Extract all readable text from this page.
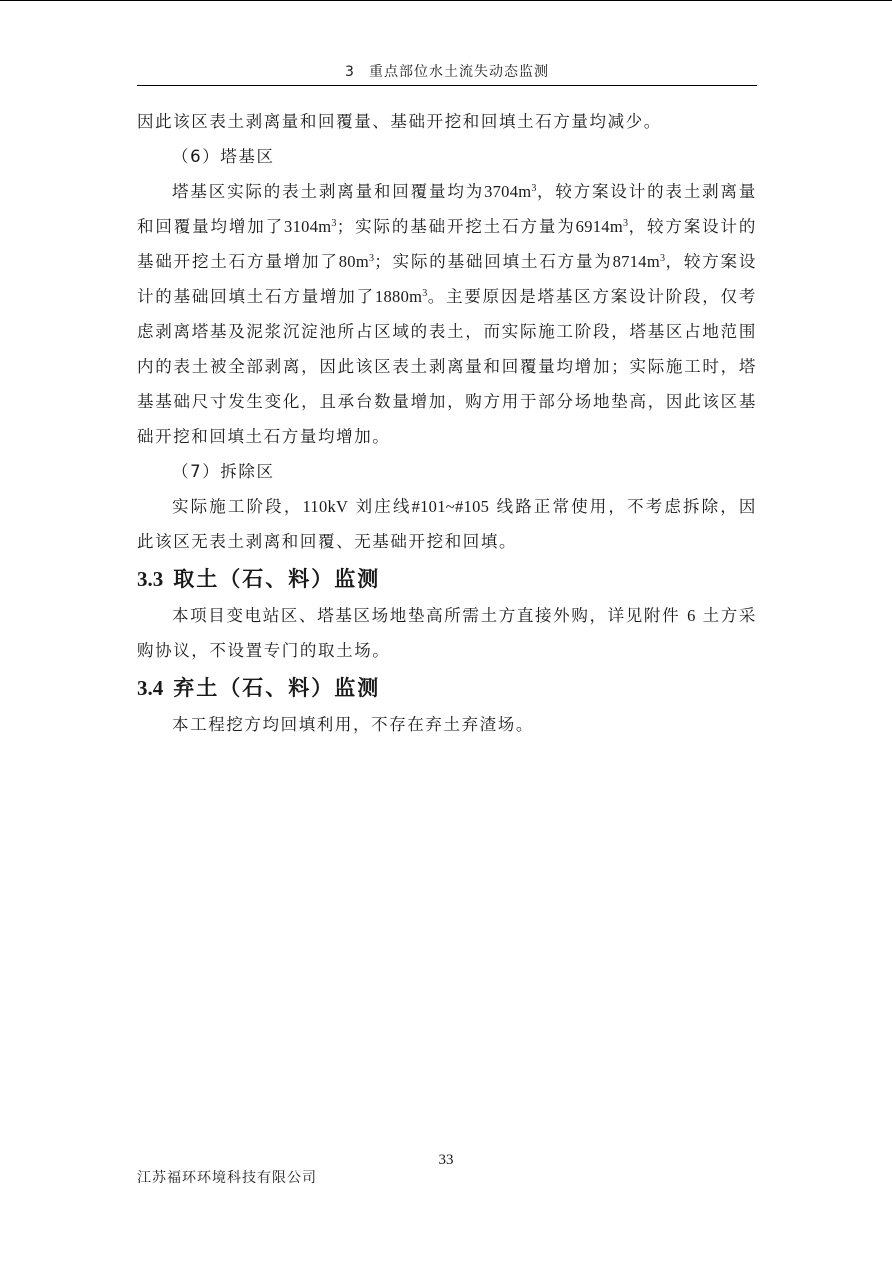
3 重点部位水土流失动态监测

因此该区表土剥离量和回覆量、基础开挖和回填土石方量均减少。

（6）塔基区

塔基区实际的表土剥离量和回覆量均为$3704m^3$，较方案设计的表土剥离量和回覆量均增加了$3104m^3$；实际的基础开挖土石方量为$6914m^3$，较方案设计的基础开挖土石方量增加了$80m^3$；实际的基础回填土石方量为$8714m^3$，较方案设计的基础回填土石方量增加了$1880m^3$。主要原因是塔基区方案设计阶段，仅考虑剥离塔基及泥浆沉淀池所占区域的表土，而实际施工阶段，塔基区占地范围内的表土被全部剥离，因此该区表土剥离量和回覆量均增加；实际施工时，塔基基础尺寸发生变化，且承台数量增加，购方用于部分场地垫高，因此该区基础开挖和回填土石方量均增加。

（7）拆除区

实际施工阶段，110kV 刘庄线#101~#105 线路正常使用，不考虑拆除，因此该区无表土剥离和回覆、无基础开挖和回填。

3.3 取土（石、料）监测

本项目变电站区、塔基区场地垫高所需土方直接外购，详见附件 6 土方采购协议，不设置专门的取土场。

3.4 弃土（石、料）监测

本工程挖方均回填利用，不存在弃土弃渣场。

33
江苏福环环境科技有限公司
